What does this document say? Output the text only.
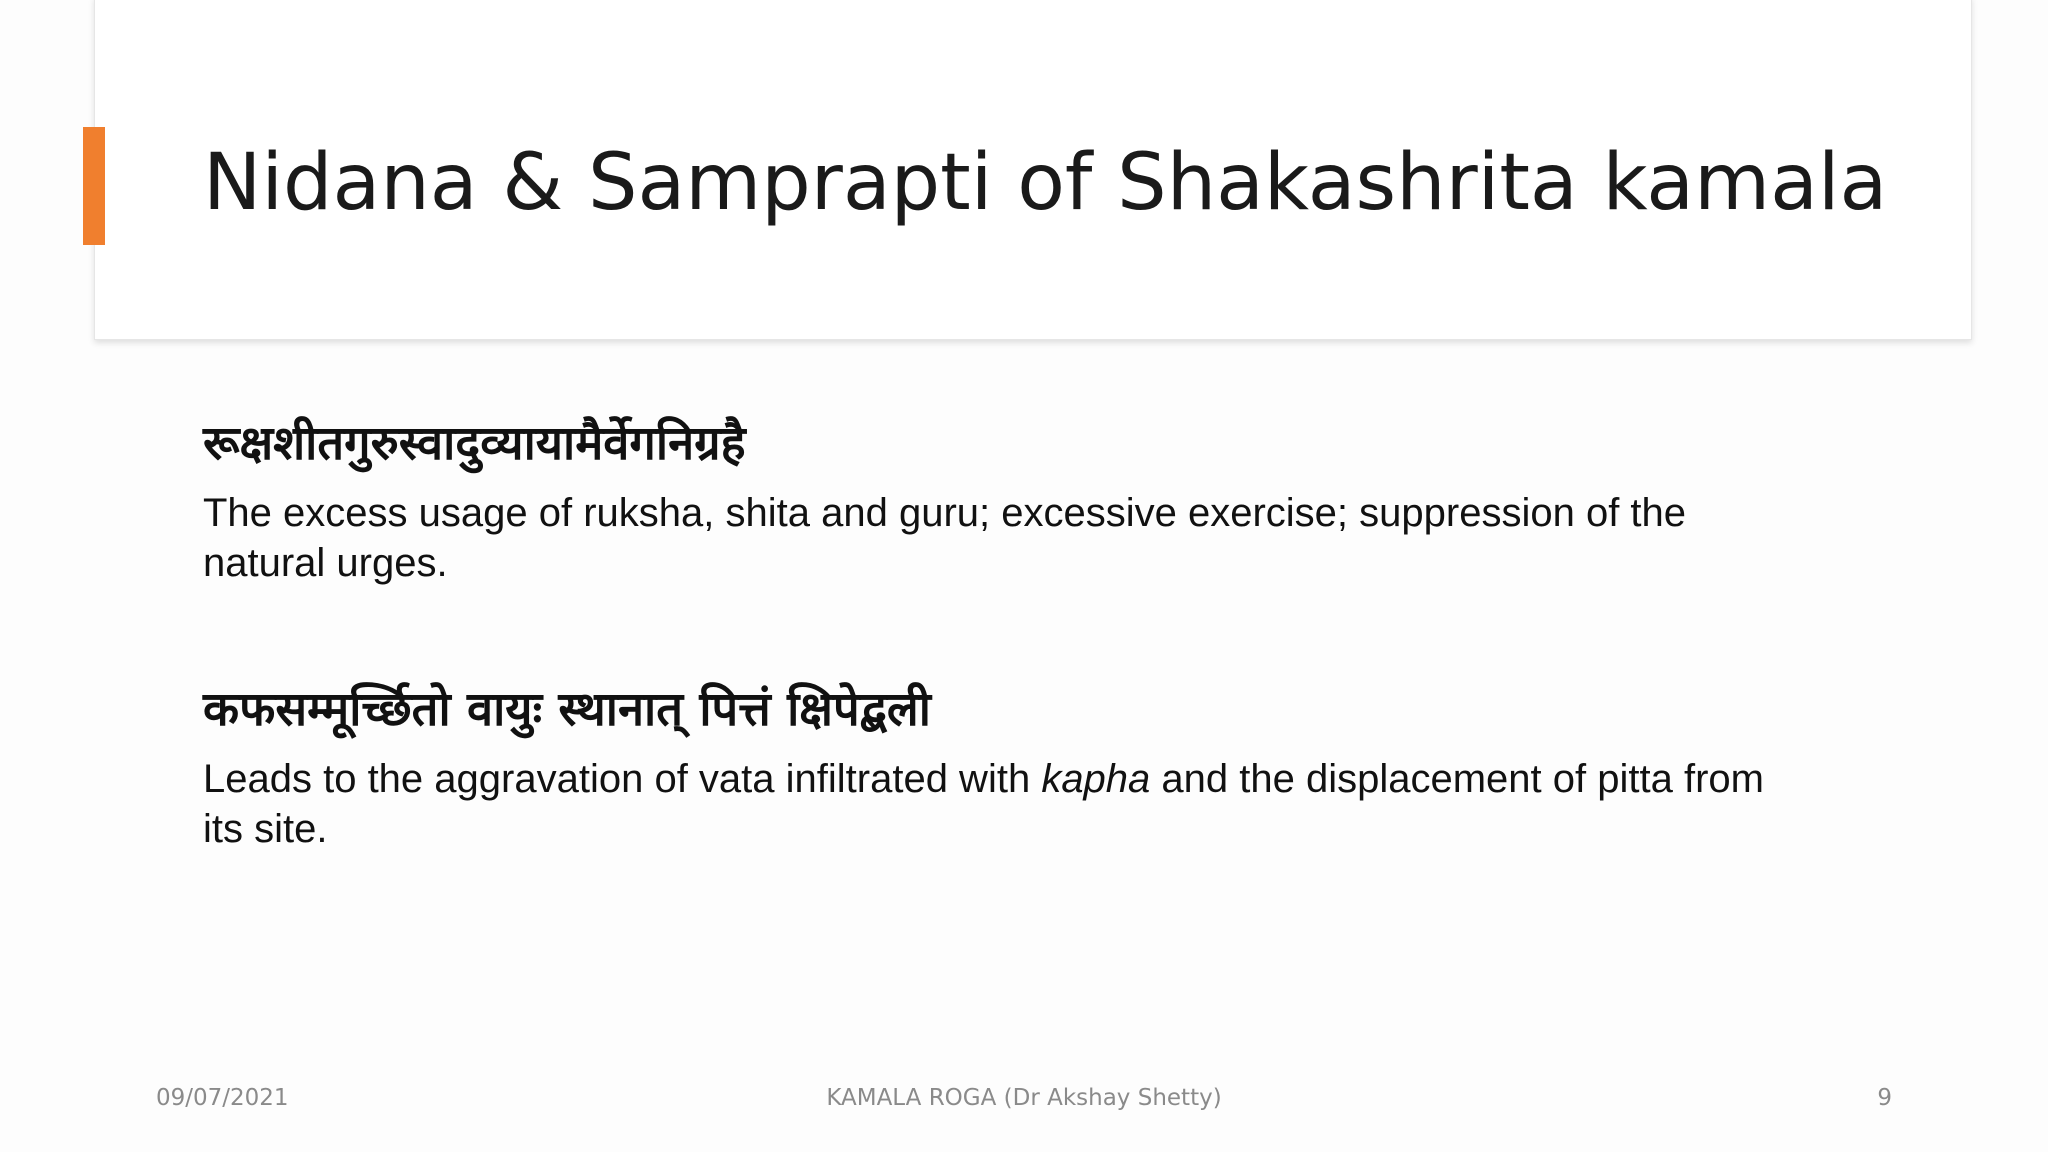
Nidana & Samprapti of Shakashrita kamala
रूक्षशीतगुरुस्वादुव्यायामैर्वेगनिग्रहै
The excess usage of ruksha, shita and guru; excessive exercise; suppression of the natural urges.
कफसम्मूर्च्छितो वायुः स्थानात् पित्तं क्षिपेद्बली
Leads to the aggravation of vata infiltrated with kapha and the displacement of pitta from its site.
09/07/2021	KAMALA ROGA (Dr Akshay Shetty)	9
